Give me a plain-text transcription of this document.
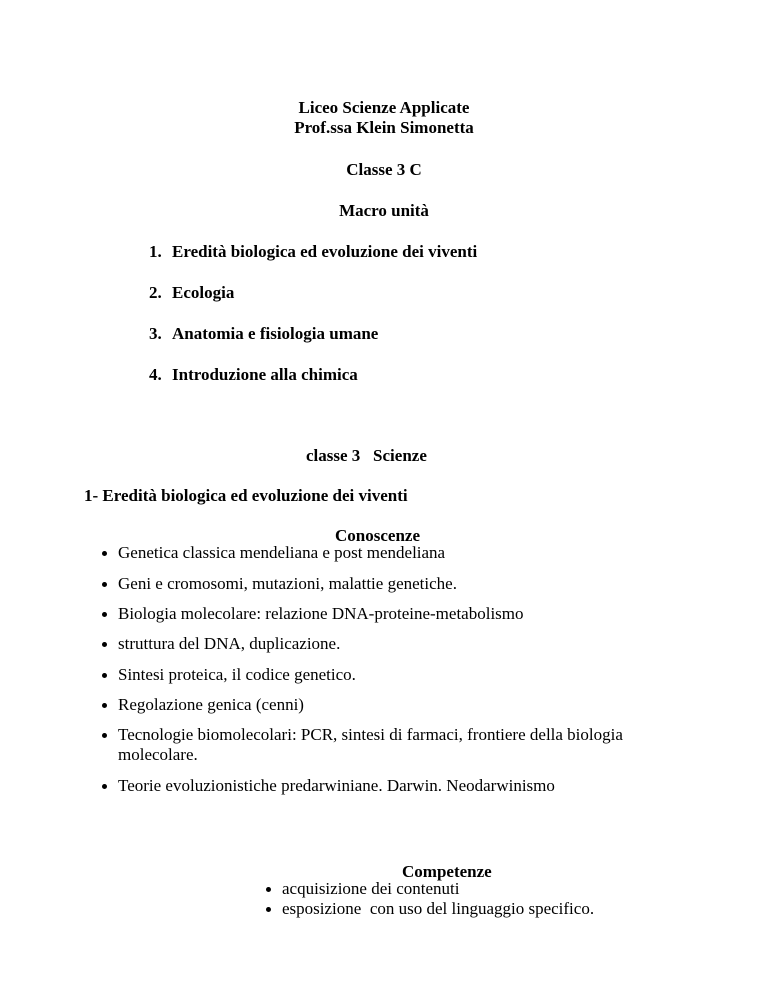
Liceo Scienze Applicate
Prof.ssa Klein Simonetta
Classe 3 C
Macro unità
1. Eredità biologica ed evoluzione dei viventi
2. Ecologia
3. Anatomia e fisiologia umane
4. Introduzione alla chimica
classe 3   Scienze
1- Eredità biologica ed evoluzione dei viventi
Conoscenze
Genetica classica mendeliana e post mendeliana
Geni e cromosomi, mutazioni, malattie genetiche.
Biologia molecolare: relazione DNA-proteine-metabolismo
struttura del DNA, duplicazione.
Sintesi proteica, il codice genetico.
Regolazione genica (cenni)
Tecnologie biomolecolari: PCR, sintesi di farmaci, frontiere della biologia
molecolare.
Teorie evoluzionistiche predarwiniane. Darwin. Neodarwinismo
Competenze
acquisizione dei contenuti
esposizione  con uso del linguaggio specifico.
